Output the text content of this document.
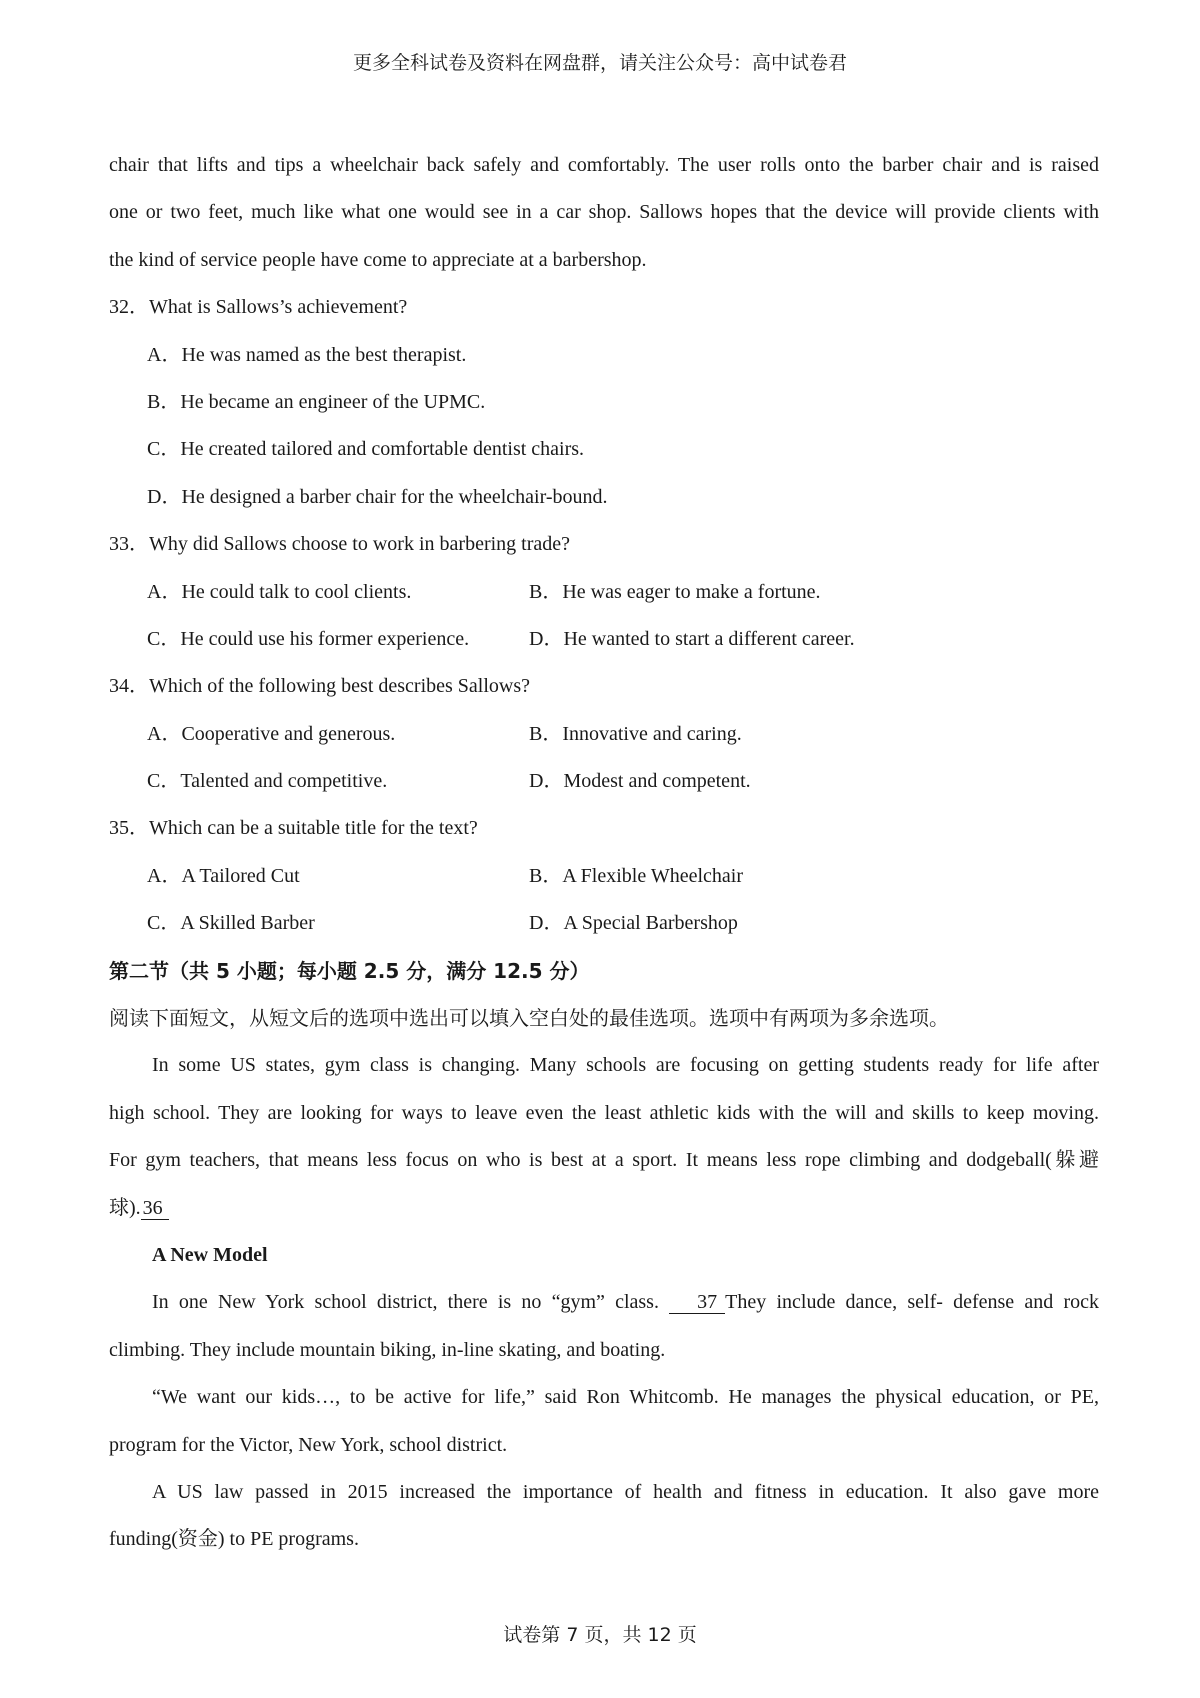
更多全科试卷及资料在网盘群，请关注公众号：高中试卷君
chair that lifts and tips a wheelchair back safely and comfortably. The user rolls onto the barber chair and is raised
one or two feet, much like what one would see in a car shop. Sallows hopes that the device will provide clients with
the kind of service people have come to appreciate at a barbershop.
32．What is Sallows’s achievement?
A．He was named as the best therapist.
B．He became an engineer of the UPMC.
C．He created tailored and comfortable dentist chairs.
D．He designed a barber chair for the wheelchair-bound.
33．Why did Sallows choose to work in barbering trade?
A．He could talk to cool clients.	B．He was eager to make a fortune.
C．He could use his former experience.	D．He wanted to start a different career.
34．Which of the following best describes Sallows?
A．Cooperative and generous.	B．Innovative and caring.
C．Talented and competitive.	D．Modest and competent.
35．Which can be a suitable title for the text?
A．A Tailored Cut	B．A Flexible Wheelchair
C．A Skilled Barber	D．A Special Barbershop
第二节（共 5 小题；每小题 2.5 分，满分 12.5 分）
阅读下面短文，从短文后的选项中选出可以填入空白处的最佳选项。选项中有两项为多余选项。
In some US states, gym class is changing. Many schools are focusing on getting students ready for life after
high school. They are looking for ways to leave even the least athletic kids with the will and skills to keep moving.
For gym teachers, that means less focus on who is best at a sport. It means less rope climbing and dodgeball(躲避
球). 36
A New Model
In one New York school district, there is no “gym” class. 37 They include dance, self- defense and rock
climbing. They include mountain biking, in-line skating, and boating.
“We want our kids…, to be active for life,” said Ron Whitcomb. He manages the physical education, or PE,
program for the Victor, New York, school district.
A US law passed in 2015 increased the importance of health and fitness in education. It also gave more
funding(资金) to PE programs.
试卷第 7 页，共 12 页
